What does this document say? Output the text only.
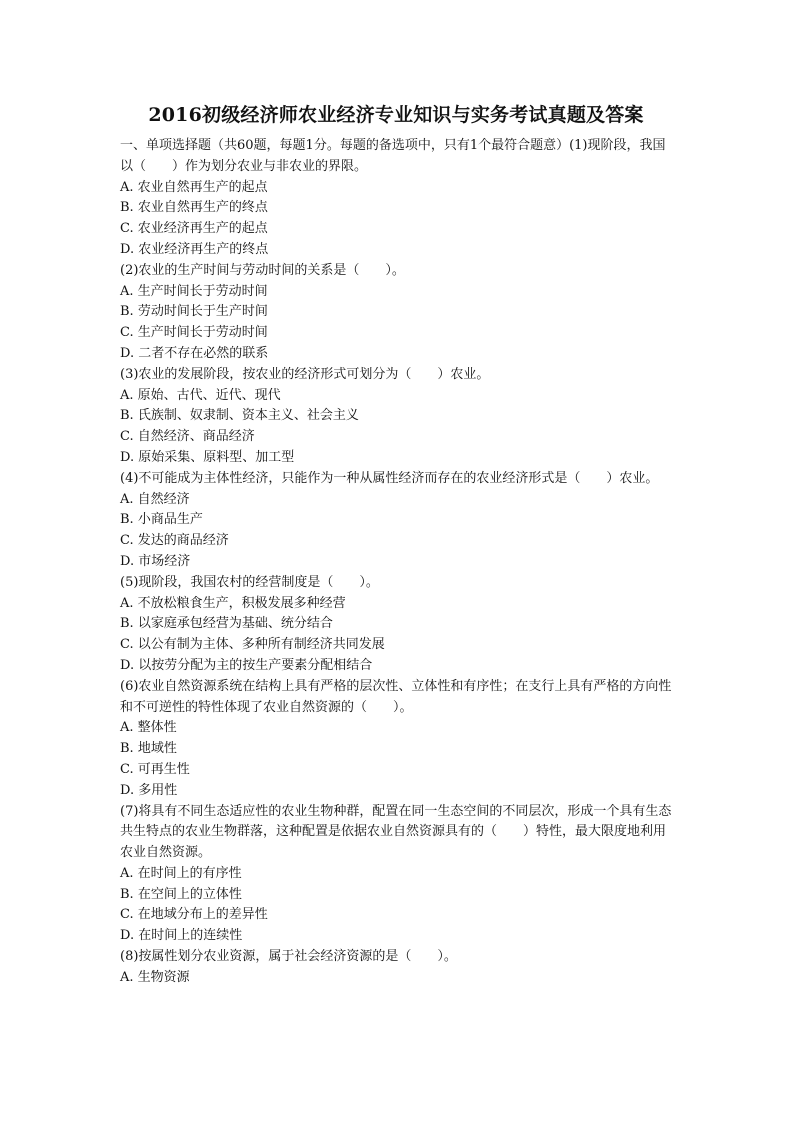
2016初级经济师农业经济专业知识与实务考试真题及答案
一、单项选择题（共60题，每题1分。每题的备选项中，只有1个最符合题意）(1)现阶段，我国以（　　）作为划分农业与非农业的界限。
A. 农业自然再生产的起点
B. 农业自然再生产的终点
C. 农业经济再生产的起点
D. 农业经济再生产的终点
(2)农业的生产时间与劳动时间的关系是（　　）。
A. 生产时间长于劳动时间
B. 劳动时间长于生产时间
C. 生产时间长于劳动时间
D. 二者不存在必然的联系
(3)农业的发展阶段，按农业的经济形式可划分为（　　）农业。
A. 原始、古代、近代、现代
B. 氏族制、奴隶制、资本主义、社会主义
C. 自然经济、商品经济
D. 原始采集、原料型、加工型
(4)不可能成为主体性经济，只能作为一种从属性经济而存在的农业经济形式是（　　）农业。
A. 自然经济
B. 小商品生产
C. 发达的商品经济
D. 市场经济
(5)现阶段，我国农村的经营制度是（　　）。
A. 不放松粮食生产，积极发展多种经营
B. 以家庭承包经营为基础、统分结合
C. 以公有制为主体、多种所有制经济共同发展
D. 以按劳分配为主的按生产要素分配相结合
(6)农业自然资源系统在结构上具有严格的层次性、立体性和有序性；在支行上具有严格的方向性和不可逆性的特性体现了农业自然资源的（　　）。
A. 整体性
B. 地域性
C. 可再生性
D. 多用性
(7)将具有不同生态适应性的农业生物种群，配置在同一生态空间的不同层次，形成一个具有生态共生特点的农业生物群落，这种配置是依据农业自然资源具有的（　　）特性，最大限度地利用农业自然资源。
A. 在时间上的有序性
B. 在空间上的立体性
C. 在地域分布上的差异性
D. 在时间上的连续性
(8)按属性划分农业资源，属于社会经济资源的是（　　）。
A. 生物资源
